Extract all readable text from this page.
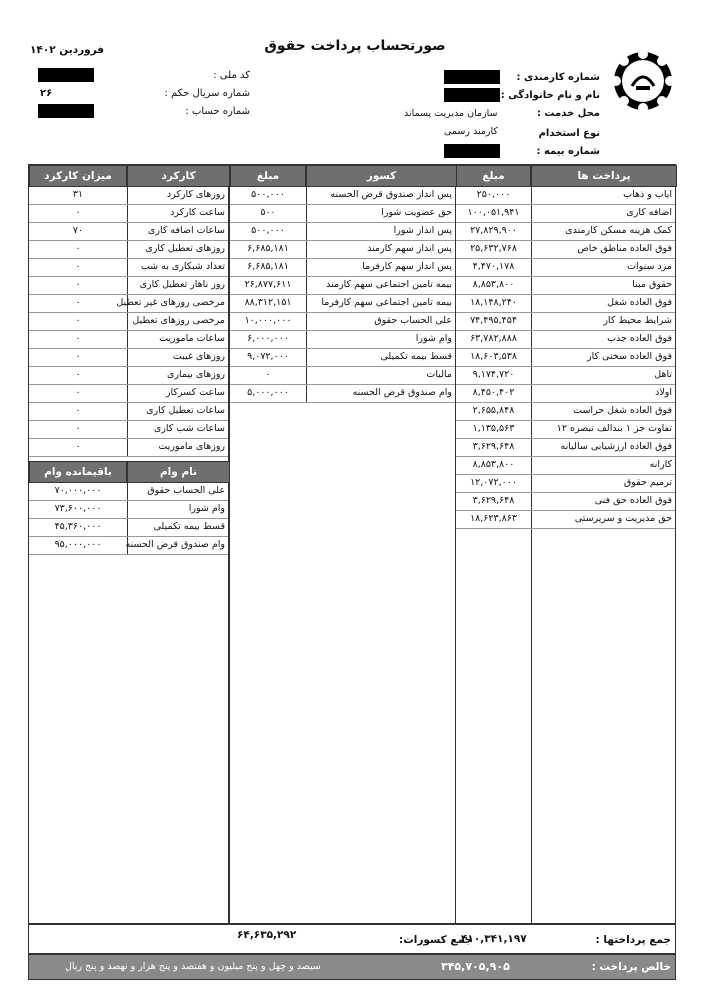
صورتحساب پرداخت حقوق
فروردین ۱۴۰۲
کد ملی :
شماره سریال حکم :
۲۶
شماره حساب :
شماره کارمندی :
نام و نام خانوادگی :
محل خدمت :
سازمان مدیریت پسماند
نوع استخدام
کارمند رسمی
شماره بیمه :
پرداخت ها
مبلغ
ایاب و ذهاب
۲۵۰,۰۰۰
اضافه کاری
۱۰۰,۰۵۱,۹۴۱
کمک هزینه مسکن کارمندی
۲۷,۸۲۹,۹۰۰
فوق العاده مناطق خاص
۲۵,۶۳۲,۷۶۸
مزد سنوات
۴,۴۷۰,۱۷۸
حقوق مبنا
۸,۸۵۳,۸۰۰
فوق العاده شغل
۱۸,۱۴۸,۲۴۰
شرایط محیط کار
۷۴,۴۹۵,۴۵۴
فوق العاده جذب
۶۳,۷۸۲,۸۸۸
فوق العاده سختی کار
۱۸,۶۰۳,۵۳۸
تاهل
۹,۱۷۴,۷۲۰
اولاد
۸,۴۵۰,۴۰۲
فوق العاده شغل حراست
۲,۶۵۵,۸۴۸
تفاوت جز ۱ بندالف تبصره ۱۲
۱,۱۳۵,۵۶۳
فوق العاده ارزشیابی سالیانه
۳,۶۲۹,۶۴۸
کارانه
۸,۸۵۳,۸۰۰
ترمیم حقوق
۱۲,۰۷۲,۰۰۰
فوق العاده حق فنی
۳,۶۲۹,۶۴۸
حق مدیریت و سرپرستی
۱۸,۶۲۳,۸۶۳
کسور
مبلغ
پس انداز صندوق قرض الحسنه
۵۰۰,۰۰۰
حق عضویت شورا
۵۰۰
پس انداز شورا
۵۰۰,۰۰۰
پس انداز سهم کارمند
۶,۶۸۵,۱۸۱
پس انداز سهم کارفرما
۶,۶۸۵,۱۸۱
بیمه تامین اجتماعی سهم کارمند
۲۶,۸۷۷,۶۱۱
بیمه تامین اجتماعی سهم کارفرما
۸۸,۳۱۲,۱۵۱
علی الحساب حقوق
۱۰,۰۰۰,۰۰۰
وام شورا
۶,۰۰۰,۰۰۰
قسط بیمه تکمیلی
۹,۰۷۲,۰۰۰
مالیات
۰
وام صندوق قرض الحسنه
۵,۰۰۰,۰۰۰
کارکرد
میزان کارکرد
روزهای کارکرد
۳۱
ساعت کارکرد
۰
ساعات اضافه کاری
۷۰
روزهای تعطیل کاری
۰
تعداد شبکاری به شب
۰
روز ناهار تعطیل کاری
۰
مرخصی روزهای غیر تعطیل
۰
مرخصی روزهای تعطیل
۰
ساعات ماموریت
۰
روزهای غیبت
۰
روزهای بیماری
۰
ساعت کسرکار
۰
ساعات تعطیل کاری
۰
ساعات شب کاری
۰
روزهای ماموریت
۰
نام وام
باقیمانده وام
علی الحساب حقوق
۷۰,۰۰۰,۰۰۰
وام شورا
۷۳,۶۰۰,۰۰۰
قسط بیمه تکمیلی
۴۵,۳۶۰,۰۰۰
وام صندوق قرض الحسنه
۹۵,۰۰۰,۰۰۰
جمع پرداختها :
۴۱۰,۳۴۱,۱۹۷
جمع کسورات:
۶۴,۶۳۵,۲۹۲
خالص پرداخت :
۳۴۵,۷۰۵,۹۰۵
سیصد و چهل و پنج میلیون و هفتصد و پنج هزار و نهصد و پنج ریال
